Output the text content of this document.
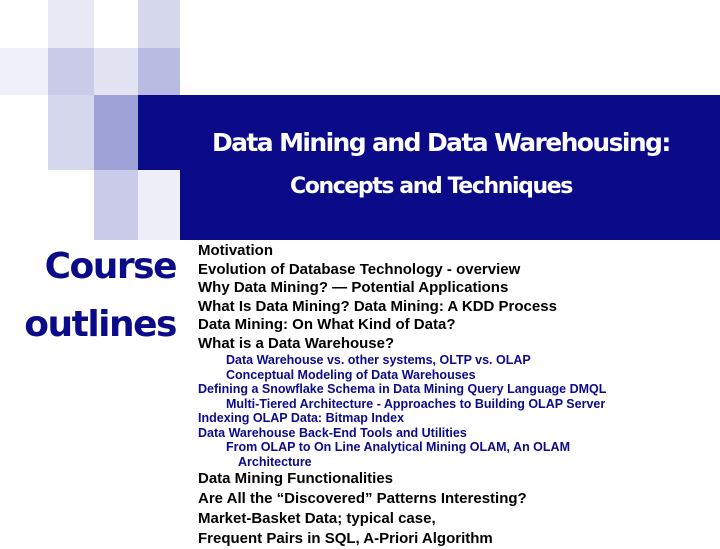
Data Mining and Data Warehousing:
Concepts and Techniques
Course
outlines
Motivation
Evolution of Database Technology - overview
Why Data Mining? — Potential Applications
What Is Data Mining? Data Mining: A KDD Process
Data Mining: On What Kind of Data?
What is a Data Warehouse?
Data Warehouse vs. other systems, OLTP vs. OLAP
Conceptual Modeling of Data Warehouses
Defining a Snowflake Schema in Data Mining Query Language DMQL
Multi-Tiered Architecture - Approaches to Building OLAP Server
Indexing OLAP Data: Bitmap Index
Data Warehouse Back-End Tools and Utilities
From OLAP to On Line Analytical Mining OLAM, An OLAM
Architecture
Data Mining Functionalities
Are All the “Discovered” Patterns Interesting?
Market-Basket Data; typical case,
Frequent Pairs in SQL, A-Priori Algorithm
